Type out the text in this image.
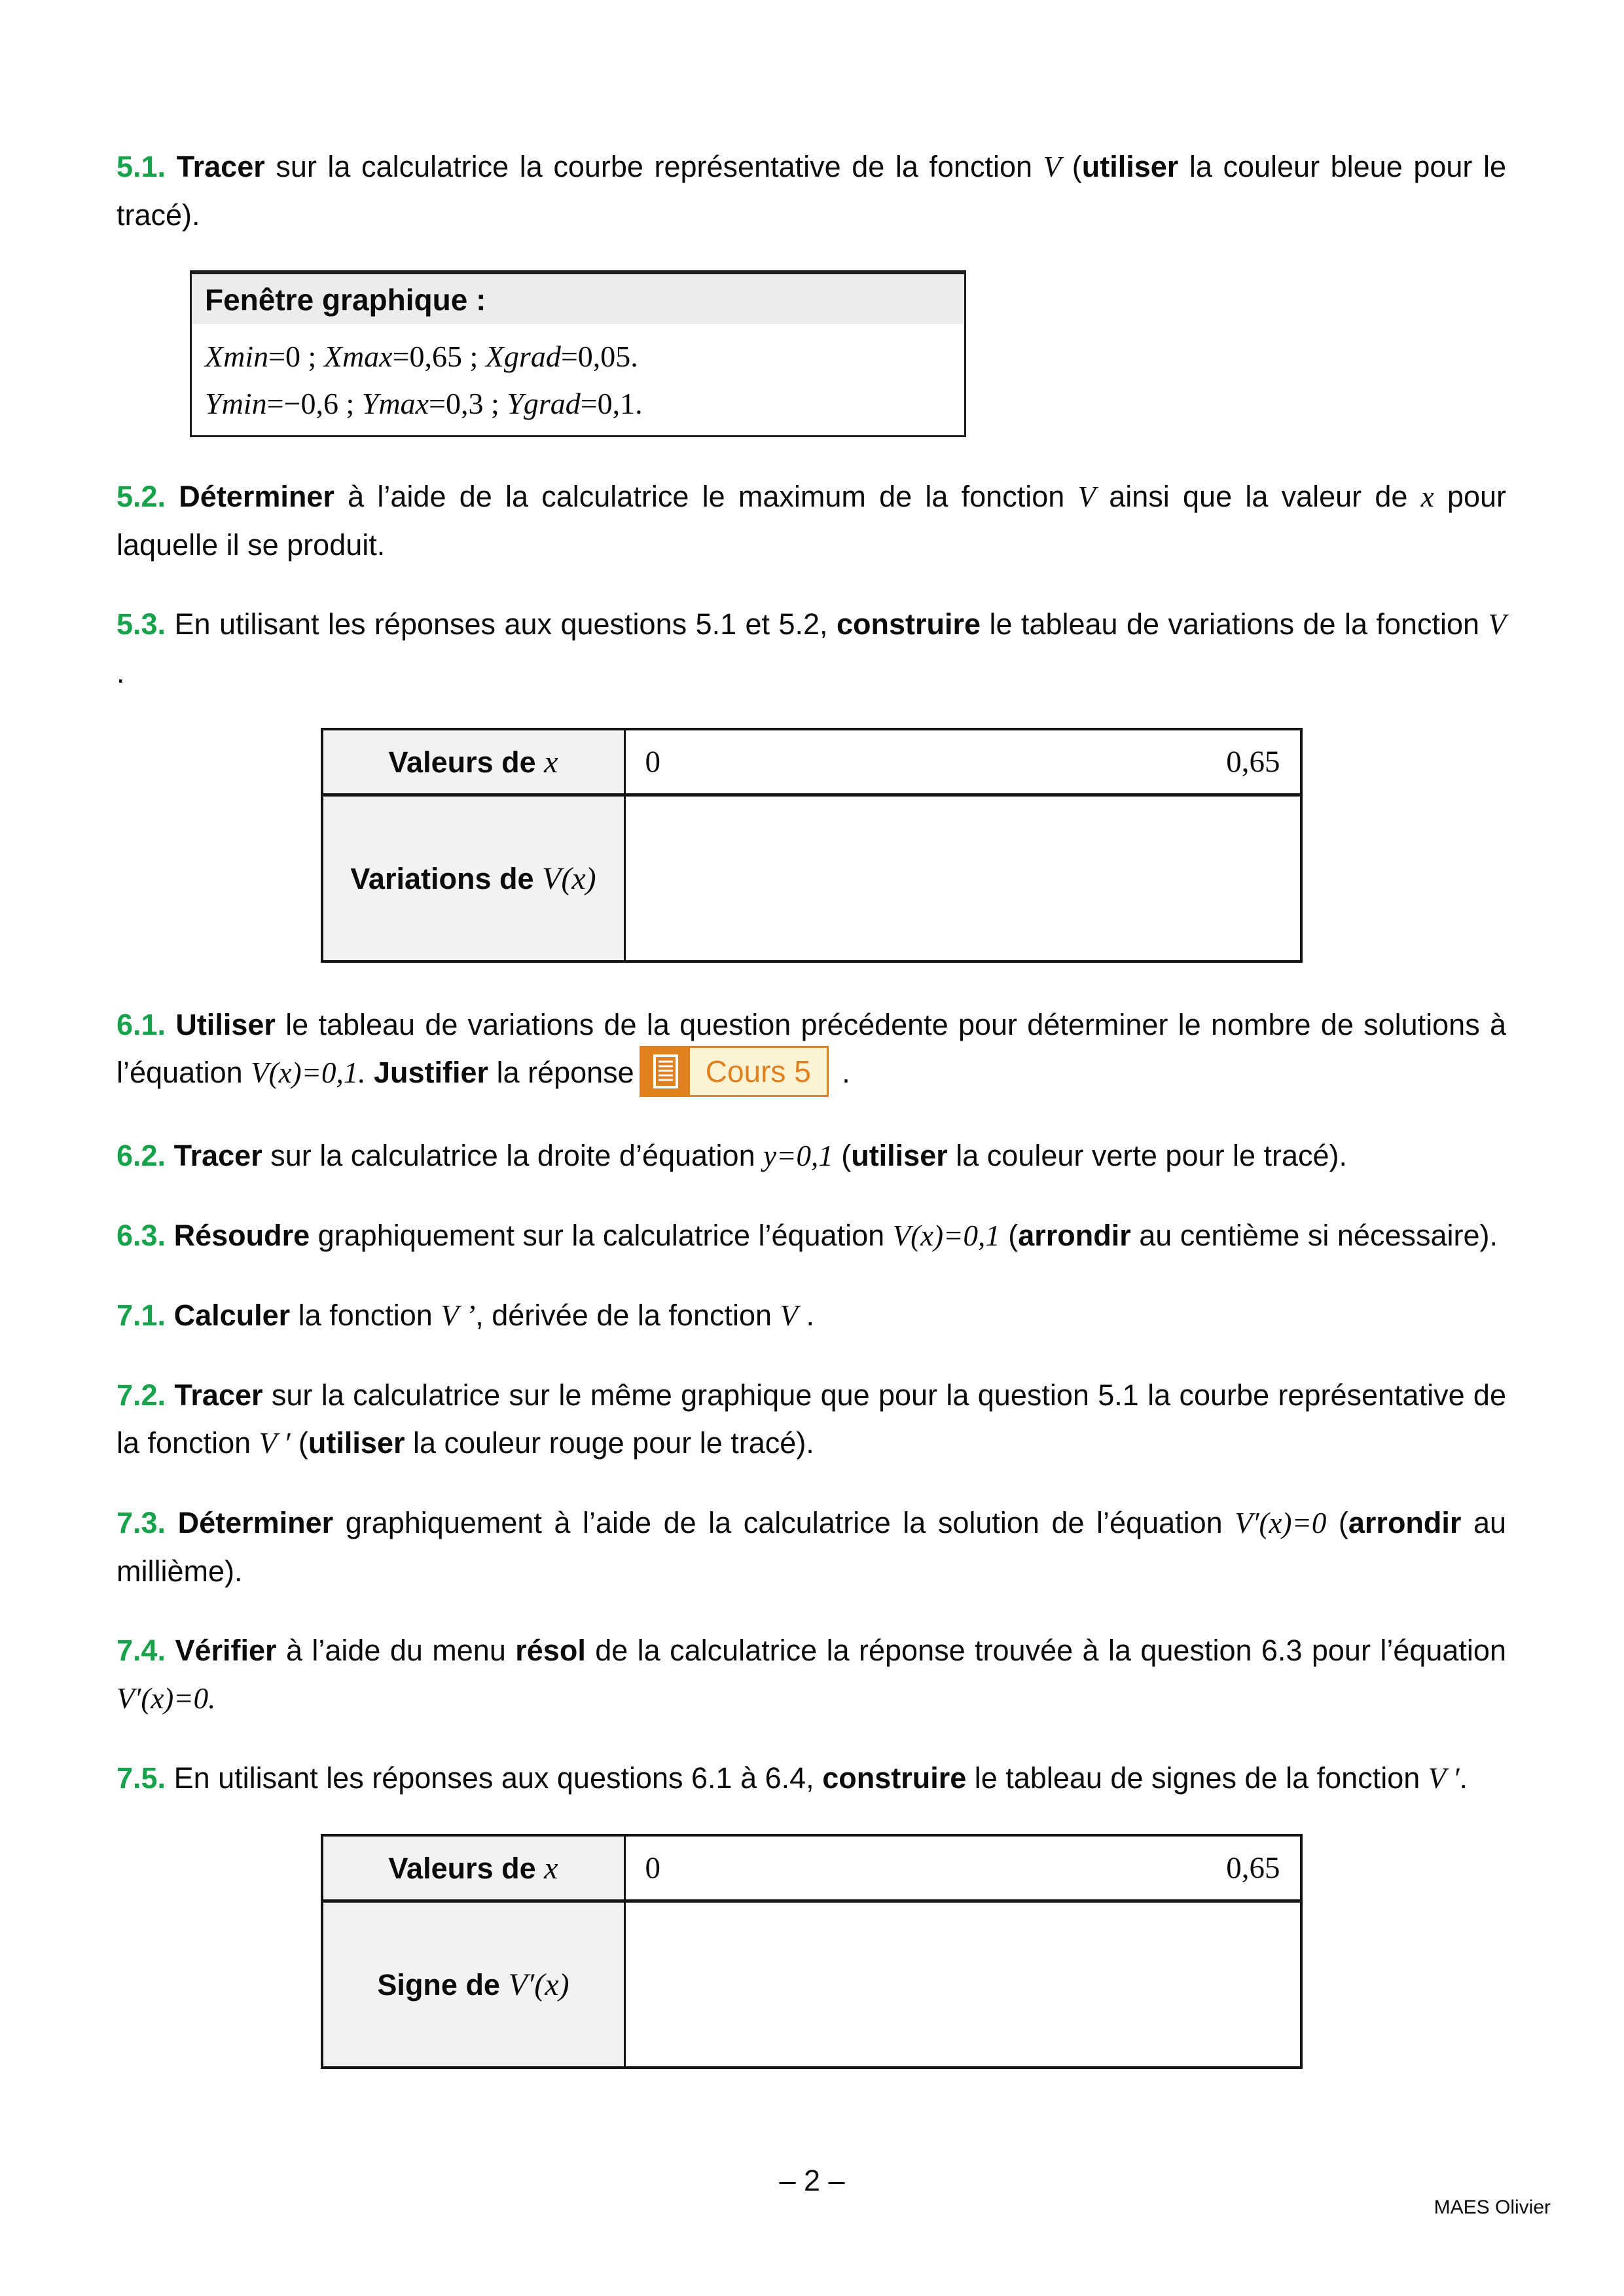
5.1. Tracer sur la calculatrice la courbe représentative de la fonction V (utiliser la couleur bleue pour le tracé).

Fenêtre graphique :
Xmin=0 ; Xmax=0,65 ; Xgrad=0,05.
Ymin=−0,6 ; Ymax=0,3 ; Ygrad=0,1.

5.2. Déterminer à l’aide de la calculatrice le maximum de la fonction V ainsi que la valeur de x pour laquelle il se produit.

5.3. En utilisant les réponses aux questions 5.1 et 5.2, construire le tableau de variations de la fonction V .

Valeurs de x	0	0,65
Variations de V(x)

6.1. Utiliser le tableau de variations de la question précédente pour déterminer le nombre de solutions à l’équation V(x)=0,1. Justifier la réponse	Cours 5 .

6.2. Tracer sur la calculatrice la droite d’équation y=0,1 (utiliser la couleur verte pour le tracé).

6.3. Résoudre graphiquement sur la calculatrice l’équation V(x)=0,1 (arrondir au centième si nécessaire).

7.1. Calculer la fonction V ’, dérivée de la fonction V .

7.2. Tracer sur la calculatrice sur le même graphique que pour la question 5.1 la courbe représentative de la fonction V ′ (utiliser la couleur rouge pour le tracé).

7.3. Déterminer graphiquement à l’aide de la calculatrice la solution de l’équation V′(x)=0 (arrondir au millième).

7.4. Vérifier à l’aide du menu résol de la calculatrice la réponse trouvée à la question 6.3 pour l’équation V′(x)=0.

7.5. En utilisant les réponses aux questions 6.1 à 6.4, construire le tableau de signes de la fonction V ′.

Valeurs de x	0	0,65
Signe de V′(x)
– 2 –
MAES Olivier
